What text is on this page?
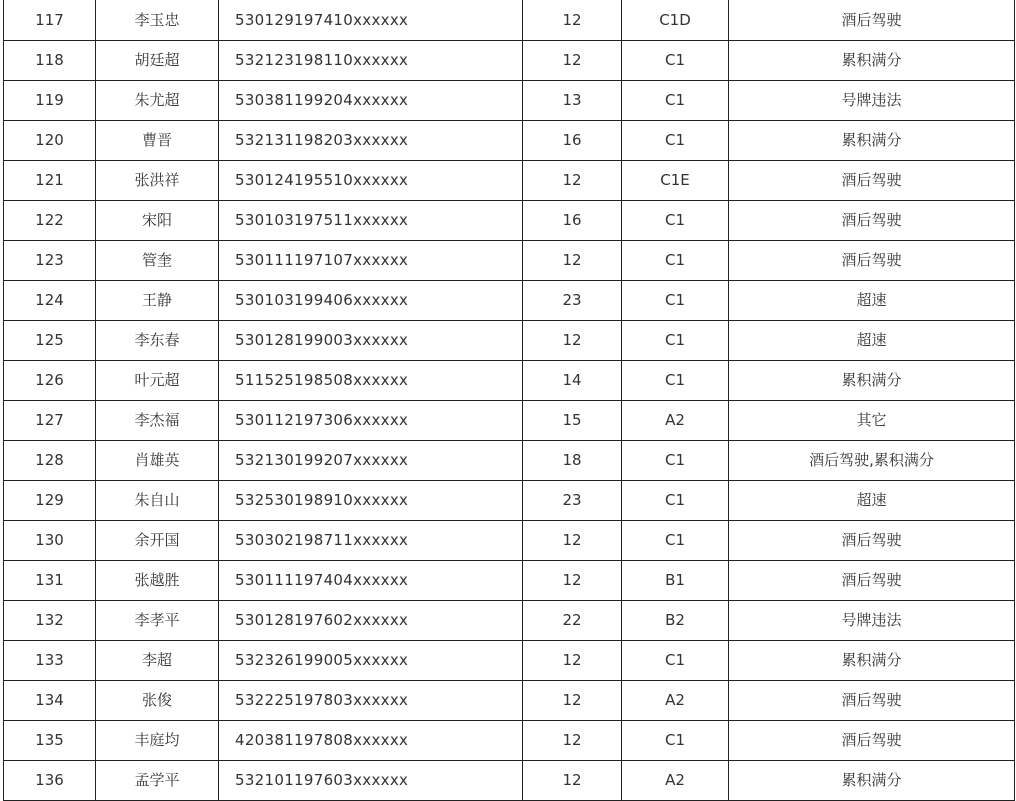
117	李玉忠	530129197410xxxxxx	12	C1D	酒后驾驶
118	胡廷超	532123198110xxxxxx	12	C1	累积满分
119	朱尤超	530381199204xxxxxx	13	C1	号牌违法
120	曹晋	532131198203xxxxxx	16	C1	累积满分
121	张洪祥	530124195510xxxxxx	12	C1E	酒后驾驶
122	宋阳	530103197511xxxxxx	16	C1	酒后驾驶
123	管奎	530111197107xxxxxx	12	C1	酒后驾驶
124	王静	530103199406xxxxxx	23	C1	超速
125	李东春	530128199003xxxxxx	12	C1	超速
126	叶元超	511525198508xxxxxx	14	C1	累积满分
127	李杰福	530112197306xxxxxx	15	A2	其它
128	肖雄英	532130199207xxxxxx	18	C1	酒后驾驶,累积满分
129	朱自山	532530198910xxxxxx	23	C1	超速
130	余开国	530302198711xxxxxx	12	C1	酒后驾驶
131	张越胜	530111197404xxxxxx	12	B1	酒后驾驶
132	李孝平	530128197602xxxxxx	22	B2	号牌违法
133	李超	532326199005xxxxxx	12	C1	累积满分
134	张俊	532225197803xxxxxx	12	A2	酒后驾驶
135	丰庭均	420381197808xxxxxx	12	C1	酒后驾驶
136	孟学平	532101197603xxxxxx	12	A2	累积满分
